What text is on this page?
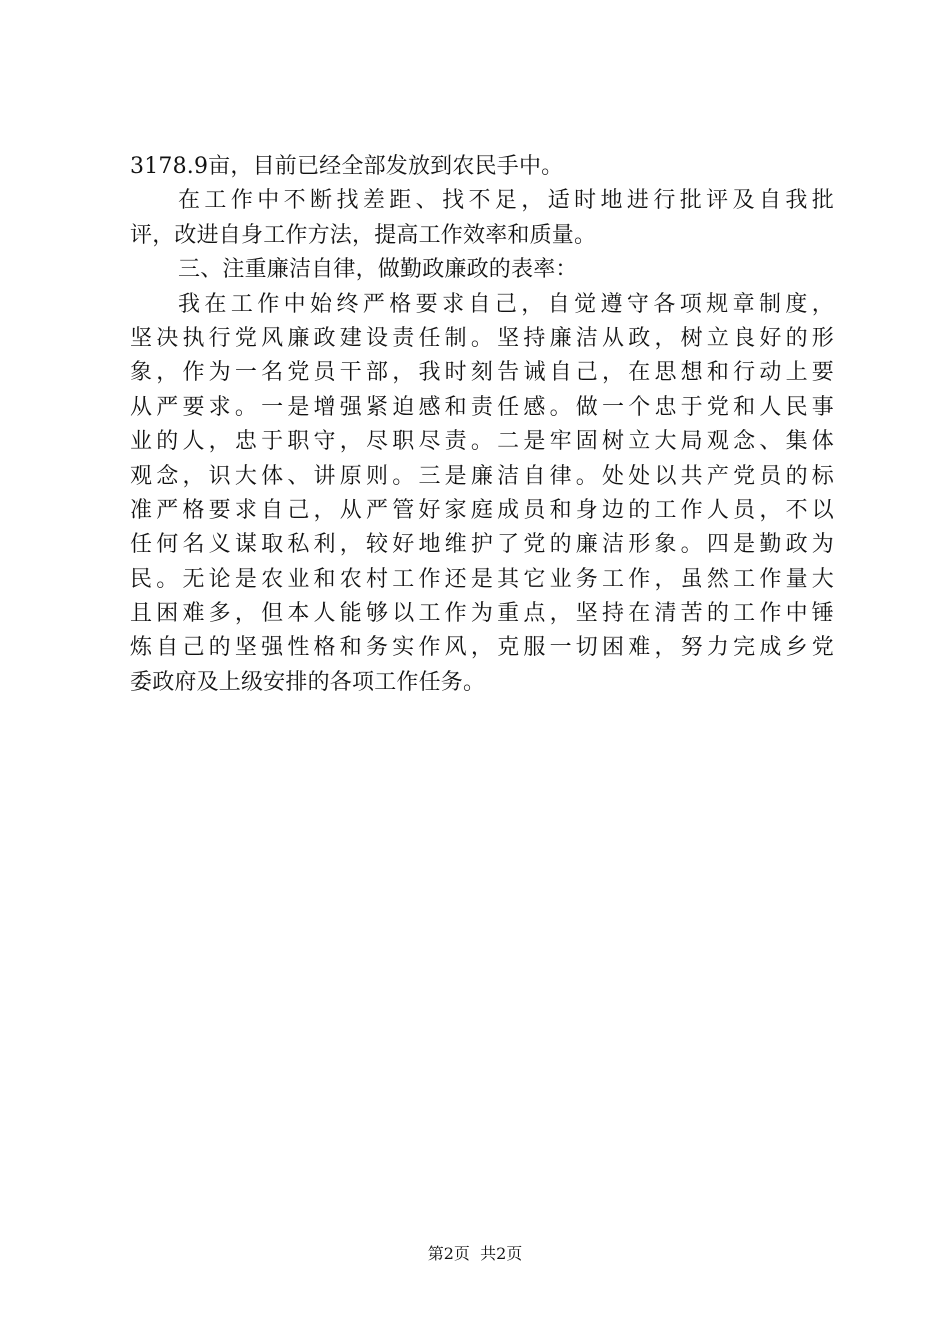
3178.9亩，目前已经全部发放到农民手中。
在工作中不断找差距、找不足，适时地进行批评及自我批
评，改进自身工作方法，提高工作效率和质量。
三、注重廉洁自律，做勤政廉政的表率：
我在工作中始终严格要求自己，自觉遵守各项规章制度，
坚决执行党风廉政建设责任制。坚持廉洁从政，树立良好的形
象，作为一名党员干部，我时刻告诫自己，在思想和行动上要
从严要求。一是增强紧迫感和责任感。做一个忠于党和人民事
业的人，忠于职守，尽职尽责。二是牢固树立大局观念、集体
观念，识大体、讲原则。三是廉洁自律。处处以共产党员的标
准严格要求自己，从严管好家庭成员和身边的工作人员，不以
任何名义谋取私利，较好地维护了党的廉洁形象。四是勤政为
民。无论是农业和农村工作还是其它业务工作，虽然工作量大
且困难多，但本人能够以工作为重点，坚持在清苦的工作中锤
炼自己的坚强性格和务实作风，克服一切困难，努力完成乡党
委政府及上级安排的各项工作任务。
第2页  共2页
